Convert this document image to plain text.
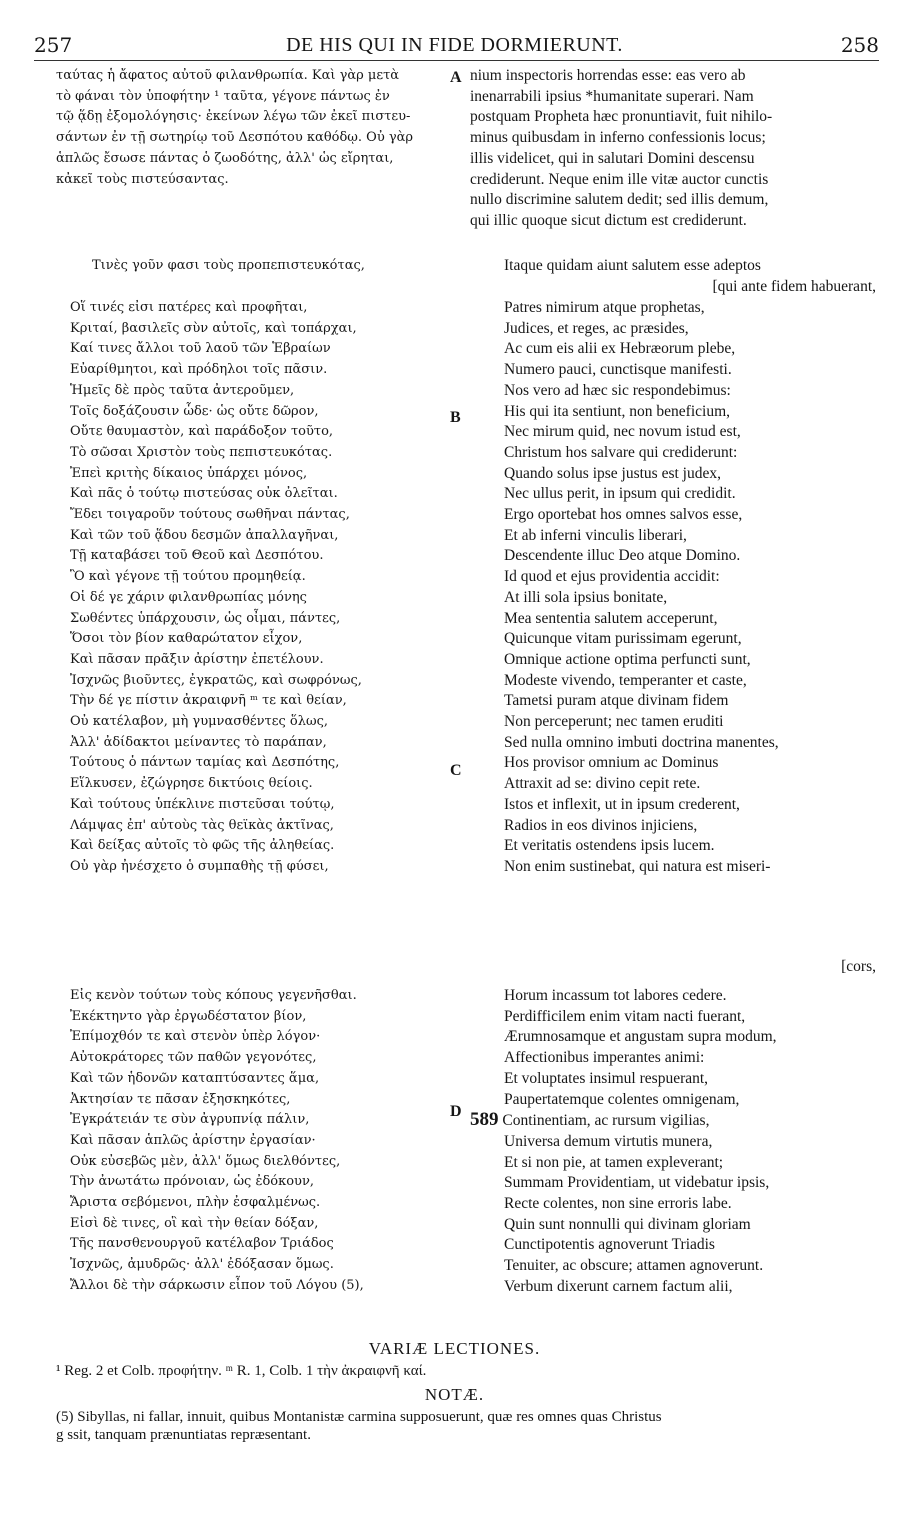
257	DE HIS QUI IN FIDE DORMIERUNT.	258
A
B
C
D
ταύτας ἡ ἄφατος αὐτοῦ φιλανθρωπία. Καὶ γὰρ μετὰ
τὸ φάναι τὸν ὑποφήτην ¹ ταῦτα, γέγονε πάντως ἐν
τῷ ᾅδῃ ἐξομολόγησις· ἐκείνων λέγω τῶν ἐκεῖ πιστευ-
σάντων ἐν τῇ σωτηρίῳ τοῦ Δεσπότου καθόδῳ. Οὐ γὰρ
ἁπλῶς ἔσωσε πάντας ὁ ζωοδότης, ἀλλ' ὡς εἴρηται,
κἀκεῖ τοὺς πιστεύσαντας.
Τινὲς γοῦν φασι τοὺς προπεπιστευκότας,
Οἵ τινές εἰσι πατέρες καὶ προφῆται,
Κριταί, βασιλεῖς σὺν αὐτοῖς, καὶ τοπάρχαι,
Καί τινες ἄλλοι τοῦ λαοῦ τῶν Ἑβραίων
Εὐαρίθμητοι, καὶ πρόδηλοι τοῖς πᾶσιν.
Ἡμεῖς δὲ πρὸς ταῦτα ἀντεροῦμεν,
Τοῖς δοξάζουσιν ὧδε· ὡς οὔτε δῶρον,
Οὔτε θαυμαστὸν, καὶ παράδοξον τοῦτο,
Τὸ σῶσαι Χριστὸν τοὺς πεπιστευκότας.
Ἐπεὶ κριτὴς δίκαιος ὑπάρχει μόνος,
Καὶ πᾶς ὁ τούτῳ πιστεύσας οὐκ ὀλεῖται.
Ἔδει τοιγαροῦν τούτους σωθῆναι πάντας,
Καὶ τῶν τοῦ ᾅδου δεσμῶν ἀπαλλαγῆναι,
Τῇ καταβάσει τοῦ Θεοῦ καὶ Δεσπότου.
Ὃ καὶ γέγονε τῇ τούτου προμηθείᾳ.
Οἱ δέ γε χάριν φιλανθρωπίας μόνης
Σωθέντες ὑπάρχουσιν, ὡς οἶμαι, πάντες,
Ὅσοι τὸν βίον καθαρώτατον εἶχον,
Καὶ πᾶσαν πρᾶξιν ἀρίστην ἐπετέλουν.
Ἰσχνῶς βιοῦντες, ἐγκρατῶς, καὶ σωφρόνως,
Τὴν δέ γε πίστιν ἀκραιφνῆ ᵐ τε καὶ θείαν,
Οὐ κατέλαβον, μὴ γυμνασθέντες ὅλως,
Ἀλλ' ἀδίδακτοι μείναντες τὸ παράπαν,
Τούτους ὁ πάντων ταμίας καὶ Δεσπότης,
Εἵλκυσεν, ἐζώγρησε δικτύοις θείοις.
Καὶ τούτους ὑπέκλινε πιστεῦσαι τούτῳ,
Λάμψας ἐπ' αὐτοὺς τὰς θεϊκὰς ἀκτῖνας,
Καὶ δείξας αὐτοῖς τὸ φῶς τῆς ἀληθείας.
Οὐ γὰρ ἠνέσχετο ὁ συμπαθὴς τῇ φύσει,
Εἰς κενὸν τούτων τοὺς κόπους γεγενῆσθαι.
Ἐκέκτηντο γὰρ ἐργωδέστατον βίον,
Ἐπίμοχθόν τε καὶ στενὸν ὑπὲρ λόγον·
Αὐτοκράτορες τῶν παθῶν γεγονότες,
Καὶ τῶν ἡδονῶν καταπτύσαντες ἅμα,
Ἀκτησίαν τε πᾶσαν ἐξησκηκότες,
Ἐγκράτειάν τε σὺν ἀγρυπνίᾳ πάλιν,
Καὶ πᾶσαν ἁπλῶς ἀρίστην ἐργασίαν·
Οὐκ εὐσεβῶς μὲν, ἀλλ' ὅμως διελθόντες,
Τὴν ἀνωτάτω πρόνοιαν, ὡς ἐδόκουν,
Ἄριστα σεβόμενοι, πλὴν ἐσφαλμένως.
Εἰσὶ δὲ τινες, οἳ καὶ τὴν θείαν δόξαν,
Τῆς πανσθενουργοῦ κατέλαβον Τριάδος
Ἰσχνῶς, ἀμυδρῶς· ἀλλ' ἐδόξασαν ὅμως.
Ἄλλοι δὲ τὴν σάρκωσιν εἶπον τοῦ Λόγου (5),
nium inspectoris horrendas esse: eas vero ab
inenarrabili ipsius *humanitate superari. Nam
postquam Propheta hæc pronuntiavit, fuit nihilo-
minus quibusdam in inferno confessionis locus;
illis videlicet, qui in salutari Domini descensu
crediderunt. Neque enim ille vitæ auctor cunctis
nullo discrimine salutem dedit; sed illis demum,
qui illic quoque sicut dictum est crediderunt.
Itaque quidam aiunt salutem esse adeptos
[qui ante fidem habuerant,
Patres nimirum atque prophetas,
Judices, et reges, ac præsides,
Ac cum eis alii ex Hebræorum plebe,
Numero pauci, cunctisque manifesti.
Nos vero ad hæc sic respondebimus:
His qui ita sentiunt, non beneficium,
Nec mirum quid, nec novum istud est,
Christum hos salvare qui crediderunt:
Quando solus ipse justus est judex,
Nec ullus perit, in ipsum qui credidit.
Ergo oportebat hos omnes salvos esse,
Et ab inferni vinculis liberari,
Descendente illuc Deo atque Domino.
Id quod et ejus providentia accidit:
At illi sola ipsius bonitate,
Mea sententia salutem acceperunt,
Quicunque vitam purissimam egerunt,
Omnique actione optima perfuncti sunt,
Modeste vivendo, temperanter et caste,
Tametsi puram atque divinam fidem
Non perceperunt; nec tamen eruditi
Sed nulla omnino imbuti doctrina manentes,
Hos provisor omnium ac Dominus
Attraxit ad se: divino cepit rete.
Istos et inflexit, ut in ipsum crederent,
Radios in eos divinos injiciens,
Et veritatis ostendens ipsis lucem.
Non enim sustinebat, qui natura est miseri-
[cors,
Horum incassum tot labores cedere.
Perdifficilem enim vitam nacti fuerant,
Ærumnosamque et angustam supra modum,
Affectionibus imperantes animi:
Et voluptates insimul respuerant,
Paupertatemque colentes omnigenam,
589 Continentiam, ac rursum vigilias,
Universa demum virtutis munera,
Et si non pie, at tamen expleverant;
Summam Providentiam, ut videbatur ipsis,
Recte colentes, non sine erroris labe.
Quin sunt nonnulli qui divinam gloriam
Cunctipotentis agnoverunt Triadis
Tenuiter, ac obscure; attamen agnoverunt.
Verbum dixerunt carnem factum alii,
VARIÆ LECTIONES.
¹ Reg. 2 et Colb. προφήτην. ᵐ R. 1, Colb. 1 τὴν ἀκραιφνῆ καί.
NOTÆ.
(5) Sibyllas, ni fallar, innuit, quibus Montanistæ carmina supposuerunt, quæ res omnes quas Christus
g ssit, tanquam prænuntiatas repræsentant.
